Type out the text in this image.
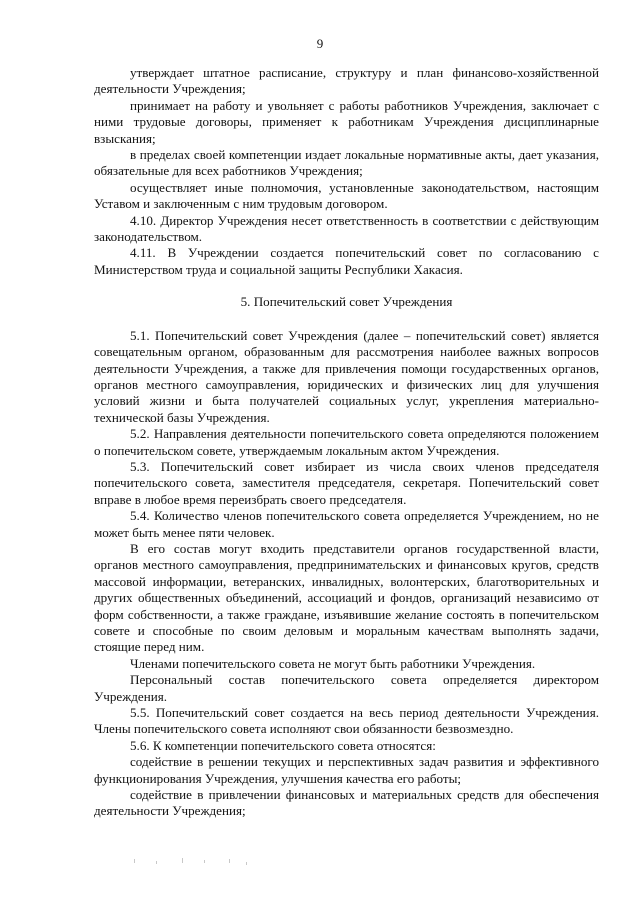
9

утверждает штатное расписание, структуру и план финансово-хозяйственной деятельности Учреждения;

принимает на работу и увольняет с работы работников Учреждения, заключает с ними трудовые договоры, применяет к работникам Учреждения дисциплинарные взыскания;

в пределах своей компетенции издает локальные нормативные акты, дает указания, обязательные для всех работников Учреждения;

осуществляет иные полномочия, установленные законодательством, настоящим Уставом и заключенным с ним трудовым договором.

4.10. Директор Учреждения несет ответственность в соответствии с действующим законодательством.

4.11. В Учреждении создается попечительский совет по согласованию с Министерством труда и социальной защиты Республики Хакасия.

5. Попечительский совет Учреждения

5.1. Попечительский совет Учреждения (далее – попечительский совет) является совещательным органом, образованным для рассмотрения наиболее важных вопросов деятельности Учреждения, а также для привлечения помощи государственных органов, органов местного самоуправления, юридических и физических лиц для улучшения условий жизни и быта получателей социальных услуг, укрепления материально-технической базы Учреждения.

5.2. Направления деятельности попечительского совета определяются положением о попечительском совете, утверждаемым локальным актом Учреждения.

5.3. Попечительский совет избирает из числа своих членов председателя попечительского совета, заместителя председателя, секретаря. Попечительский совет вправе в любое время переизбрать своего председателя.

5.4. Количество членов попечительского совета определяется Учреждением, но не может быть менее пяти человек.

В его состав могут входить представители органов государственной власти, органов местного самоуправления, предпринимательских и финансовых кругов, средств массовой информации, ветеранских, инвалидных, волонтерских, благотворительных и других общественных объединений, ассоциаций и фондов, организаций независимо от форм собственности, а также граждане, изъявившие желание состоять в попечительском совете и способные по своим деловым и моральным качествам выполнять задачи, стоящие перед ним.

Членами попечительского совета не могут быть работники Учреждения.

Персональный состав попечительского совета определяется директором Учреждения.

5.5. Попечительский совет создается на весь период деятельности Учреждения. Члены попечительского совета исполняют свои обязанности безвозмездно.

5.6. К компетенции попечительского совета относятся:

содействие в решении текущих и перспективных задач развития и эффективного функционирования Учреждения, улучшения качества его работы;

содействие в привлечении финансовых и материальных средств для обеспечения деятельности Учреждения;
